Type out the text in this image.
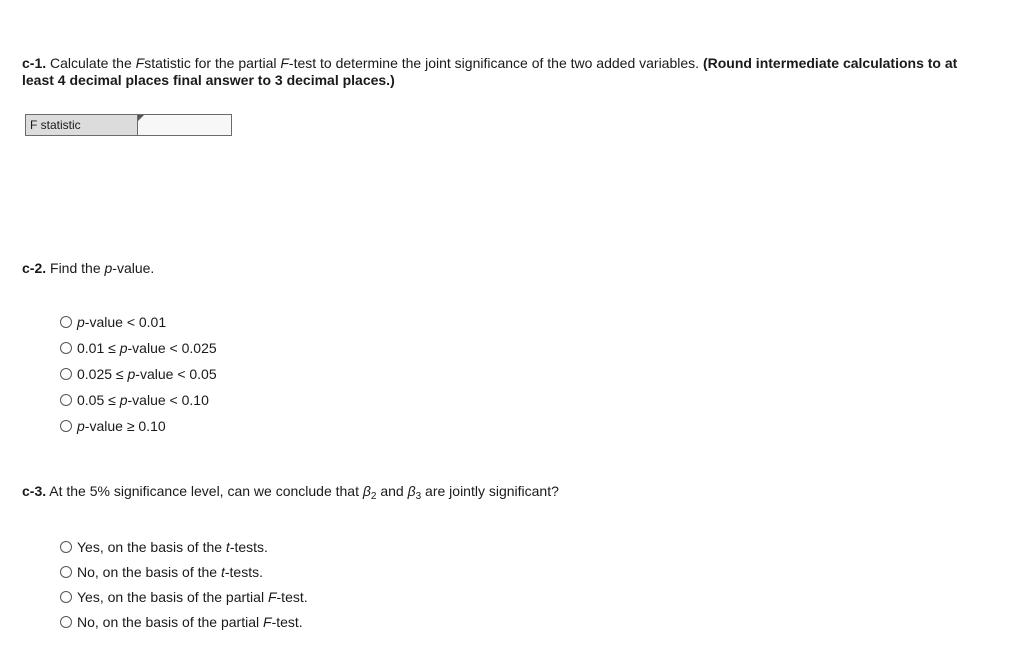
c-1. Calculate the Fstatistic for the partial F-test to determine the joint significance of the two added variables. (Round intermediate calculations to at least 4 decimal places final answer to 3 decimal places.)
F statistic
c-2. Find the p-value.
p-value < 0.01
0.01 ≤ p-value < 0.025
0.025 ≤ p-value < 0.05
0.05 ≤ p-value < 0.10
p-value ≥ 0.10
c-3. At the 5% significance level, can we conclude that $\beta_2$ and $\beta_3$ are jointly significant?
Yes, on the basis of the t-tests.
No, on the basis of the t-tests.
Yes, on the basis of the partial F-test.
No, on the basis of the partial F-test.
